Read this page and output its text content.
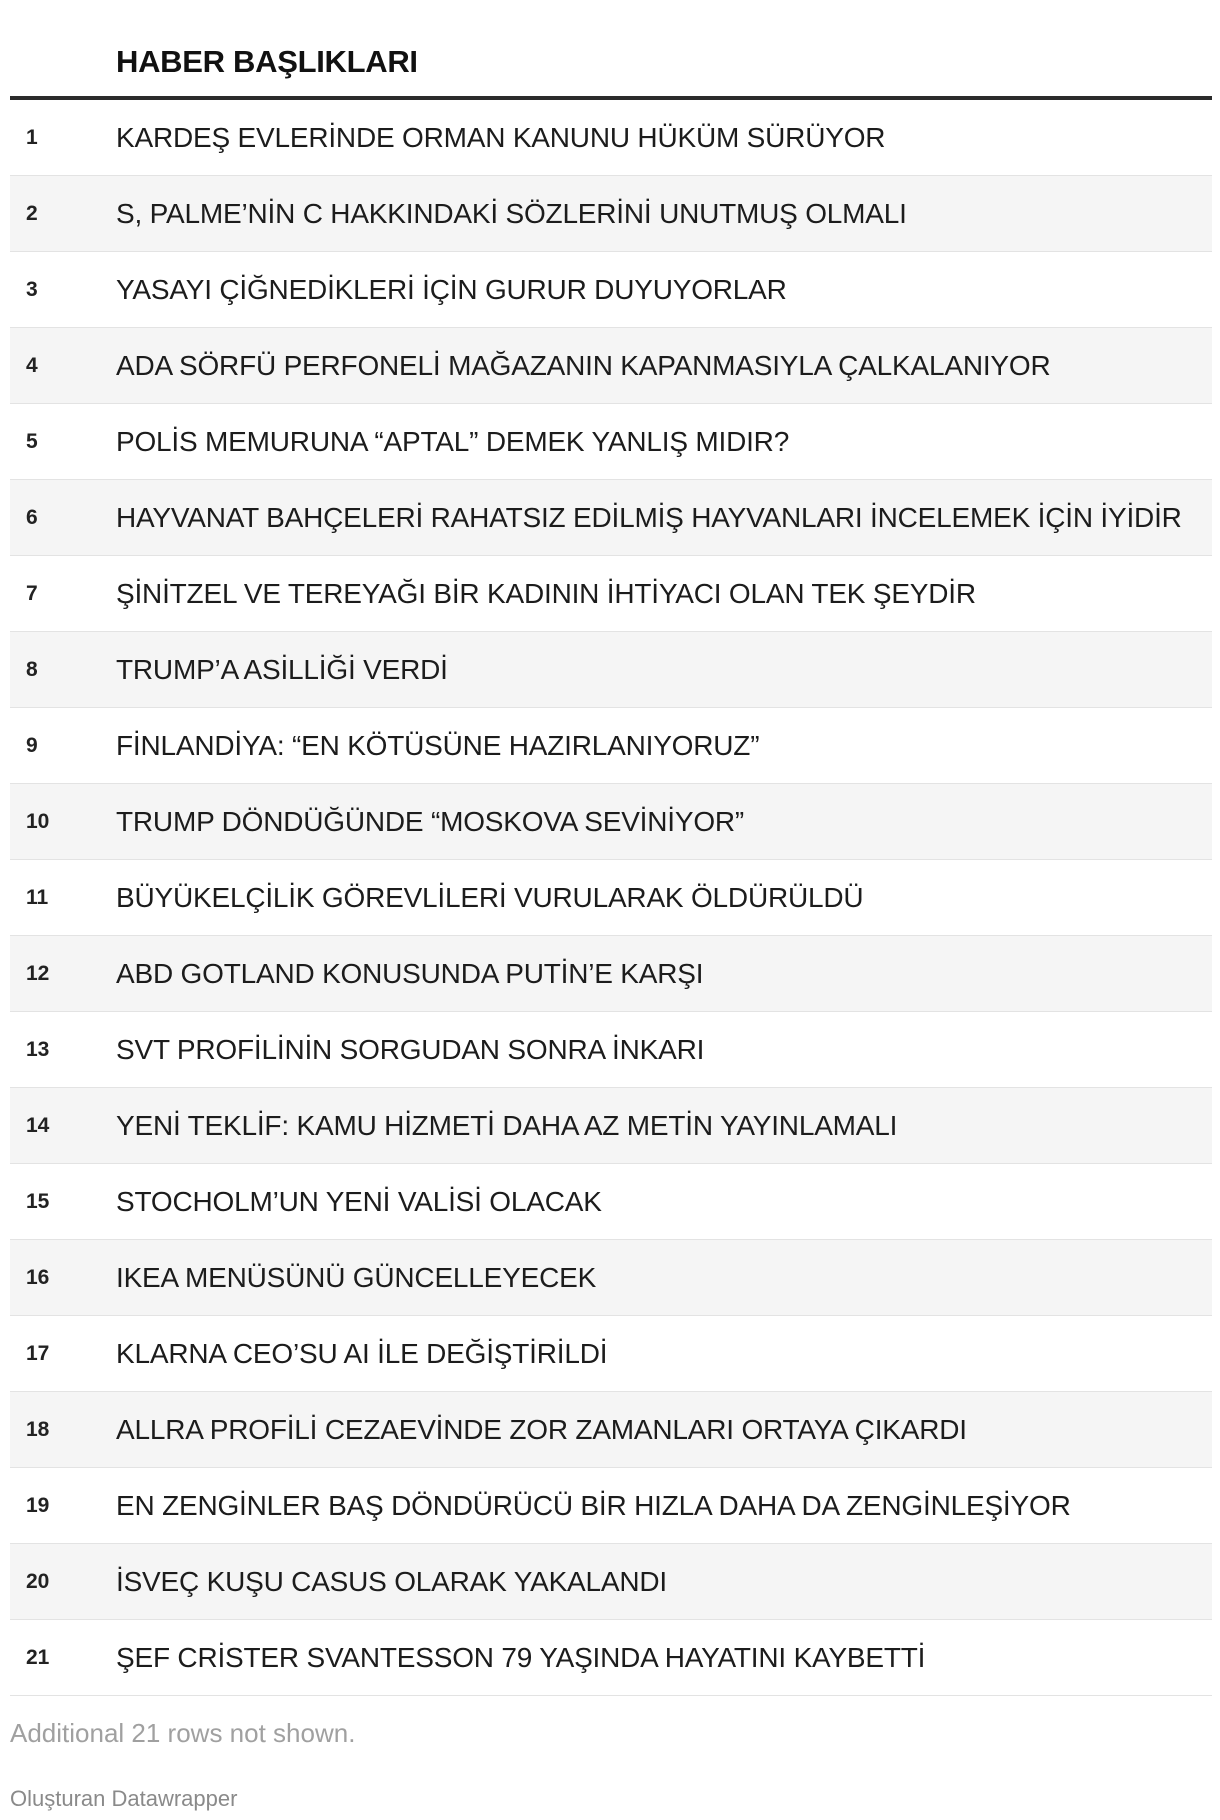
HABER BAŞLIKLARI
1	KARDEŞ EVLERİNDE ORMAN KANUNU HÜKÜM SÜRÜYOR
2	S, PALME’NİN C HAKKINDAKİ SÖZLERİNİ UNUTMUŞ OLMALI
3	YASAYI ÇİĞNEDİKLERİ İÇİN GURUR DUYUYORLAR
4	ADA SÖRFÜ PERFONELİ MAĞAZANIN KAPANMASIYLA ÇALKALANIYOR
5	POLİS MEMURUNA “APTAL” DEMEK YANLIŞ MIDIR?
6	HAYVANAT BAHÇELERİ RAHATSIZ EDİLMİŞ HAYVANLARI İNCELEMEK İÇİN İYİDİR
7	ŞİNİTZEL VE TEREYAĞI BİR KADININ İHTİYACI OLAN TEK ŞEYDİR
8	TRUMP’A ASİLLİĞİ VERDİ
9	FİNLANDİYA: “EN KÖTÜSÜNE HAZIRLANIYORUZ”
10 TRUMP DÖNDÜĞÜNDE “MOSKOVA SEVİNİYOR”
11 BÜYÜKELÇİLİK GÖREVLİLERİ VURULARAK ÖLDÜRÜLDÜ
12 ABD GOTLAND KONUSUNDA PUTİN’E KARŞI
13 SVT PROFİLİNİN SORGUDAN SONRA İNKARI
14 YENİ TEKLİF: KAMU HİZMETİ DAHA AZ METİN YAYINLAMALI
15 STOCHOLM’UN YENİ VALİSİ OLACAK
16 IKEA MENÜSÜNÜ GÜNCELLEYECEK
17 KLARNA CEO’SU AI İLE DEĞİŞTİRİLDİ
18 ALLRA PROFİLİ CEZAEVİNDE ZOR ZAMANLARI ORTAYA ÇIKARDI
19 EN ZENGİNLER BAŞ DÖNDÜRÜCÜ BİR HIZLA DAHA DA ZENGİNLEŞİYOR
20 İSVEÇ KUŞU CASUS OLARAK YAKALANDI
21 ŞEF CRİSTER SVANTESSON 79 YAŞINDA HAYATINI KAYBETTİ
Additional 21 rows not shown.
Oluşturan Datawrapper
